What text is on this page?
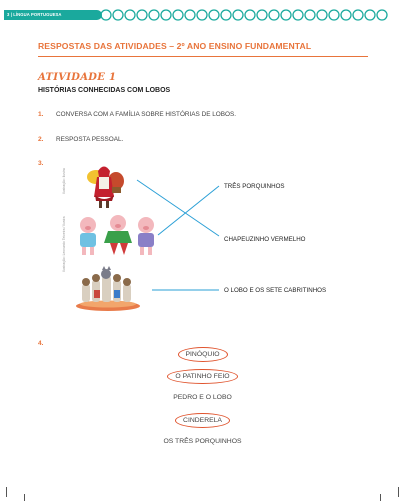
3 | LÍNGUA PORTUGUESA
RESPOSTAS DAS ATIVIDADES – 2º ANO ENSINO FUNDAMENTAL
ATIVIDADE 1
HISTÓRIAS CONHECIDAS COM LOBOS
1. CONVERSA COM A FAMÍLIA SOBRE HISTÓRIAS DE LOBOS.
2. RESPOSTA PESSOAL.
3.
Ilustração: Ilustra
Ilustração: Leonardo Teixeira / Ilustra
TRÊS PORQUINHOS
CHAPEUZINHO VERMELHO
O LOBO E OS SETE CABRITINHOS
4.
PINÓQUIO
O PATINHO FEIO
PEDRO E O LOBO
CINDERELA
OS TRÊS PORQUINHOS
